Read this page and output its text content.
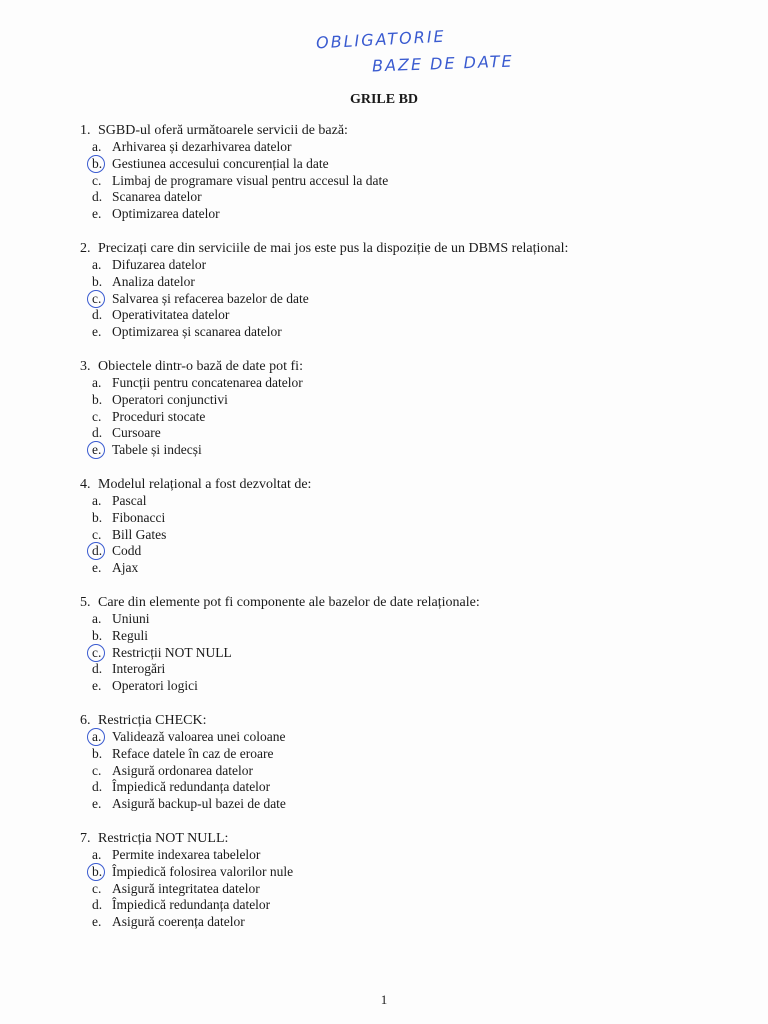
OBLIGATORIE
BAZE DE DATE
GRILE BD
1. SGBD-ul oferă următoarele servicii de bază:
a. Arhivarea și dezarhivarea datelor
b. Gestiunea accesului concurențial la date
c. Limbaj de programare visual pentru accesul la date
d. Scanarea datelor
e. Optimizarea datelor
2. Precizați care din serviciile de mai jos este pus la dispoziție de un DBMS relațional:
a. Difuzarea datelor
b. Analiza datelor
c. Salvarea și refacerea bazelor de date
d. Operativitatea datelor
e. Optimizarea și scanarea datelor
3. Obiectele dintr-o bază de date pot fi:
a. Funcții pentru concatenarea datelor
b. Operatori conjunctivi
c. Proceduri stocate
d. Cursoare
e. Tabele și indecși
4. Modelul relațional a fost dezvoltat de:
a. Pascal
b. Fibonacci
c. Bill Gates
d. Codd
e. Ajax
5. Care din elemente pot fi componente ale bazelor de date relaționale:
a. Uniuni
b. Reguli
c. Restricții NOT NULL
d. Interogări
e. Operatori logici
6. Restricția CHECK:
a. Validează valoarea unei coloane
b. Reface datele în caz de eroare
c. Asigură ordonarea datelor
d. Împiedică redundanța datelor
e. Asigură backup-ul bazei de date
7. Restricția NOT NULL:
a. Permite indexarea tabelelor
b. Împiedică folosirea valorilor nule
c. Asigură integritatea datelor
d. Împiedică redundanța datelor
e. Asigură coerența datelor
1
